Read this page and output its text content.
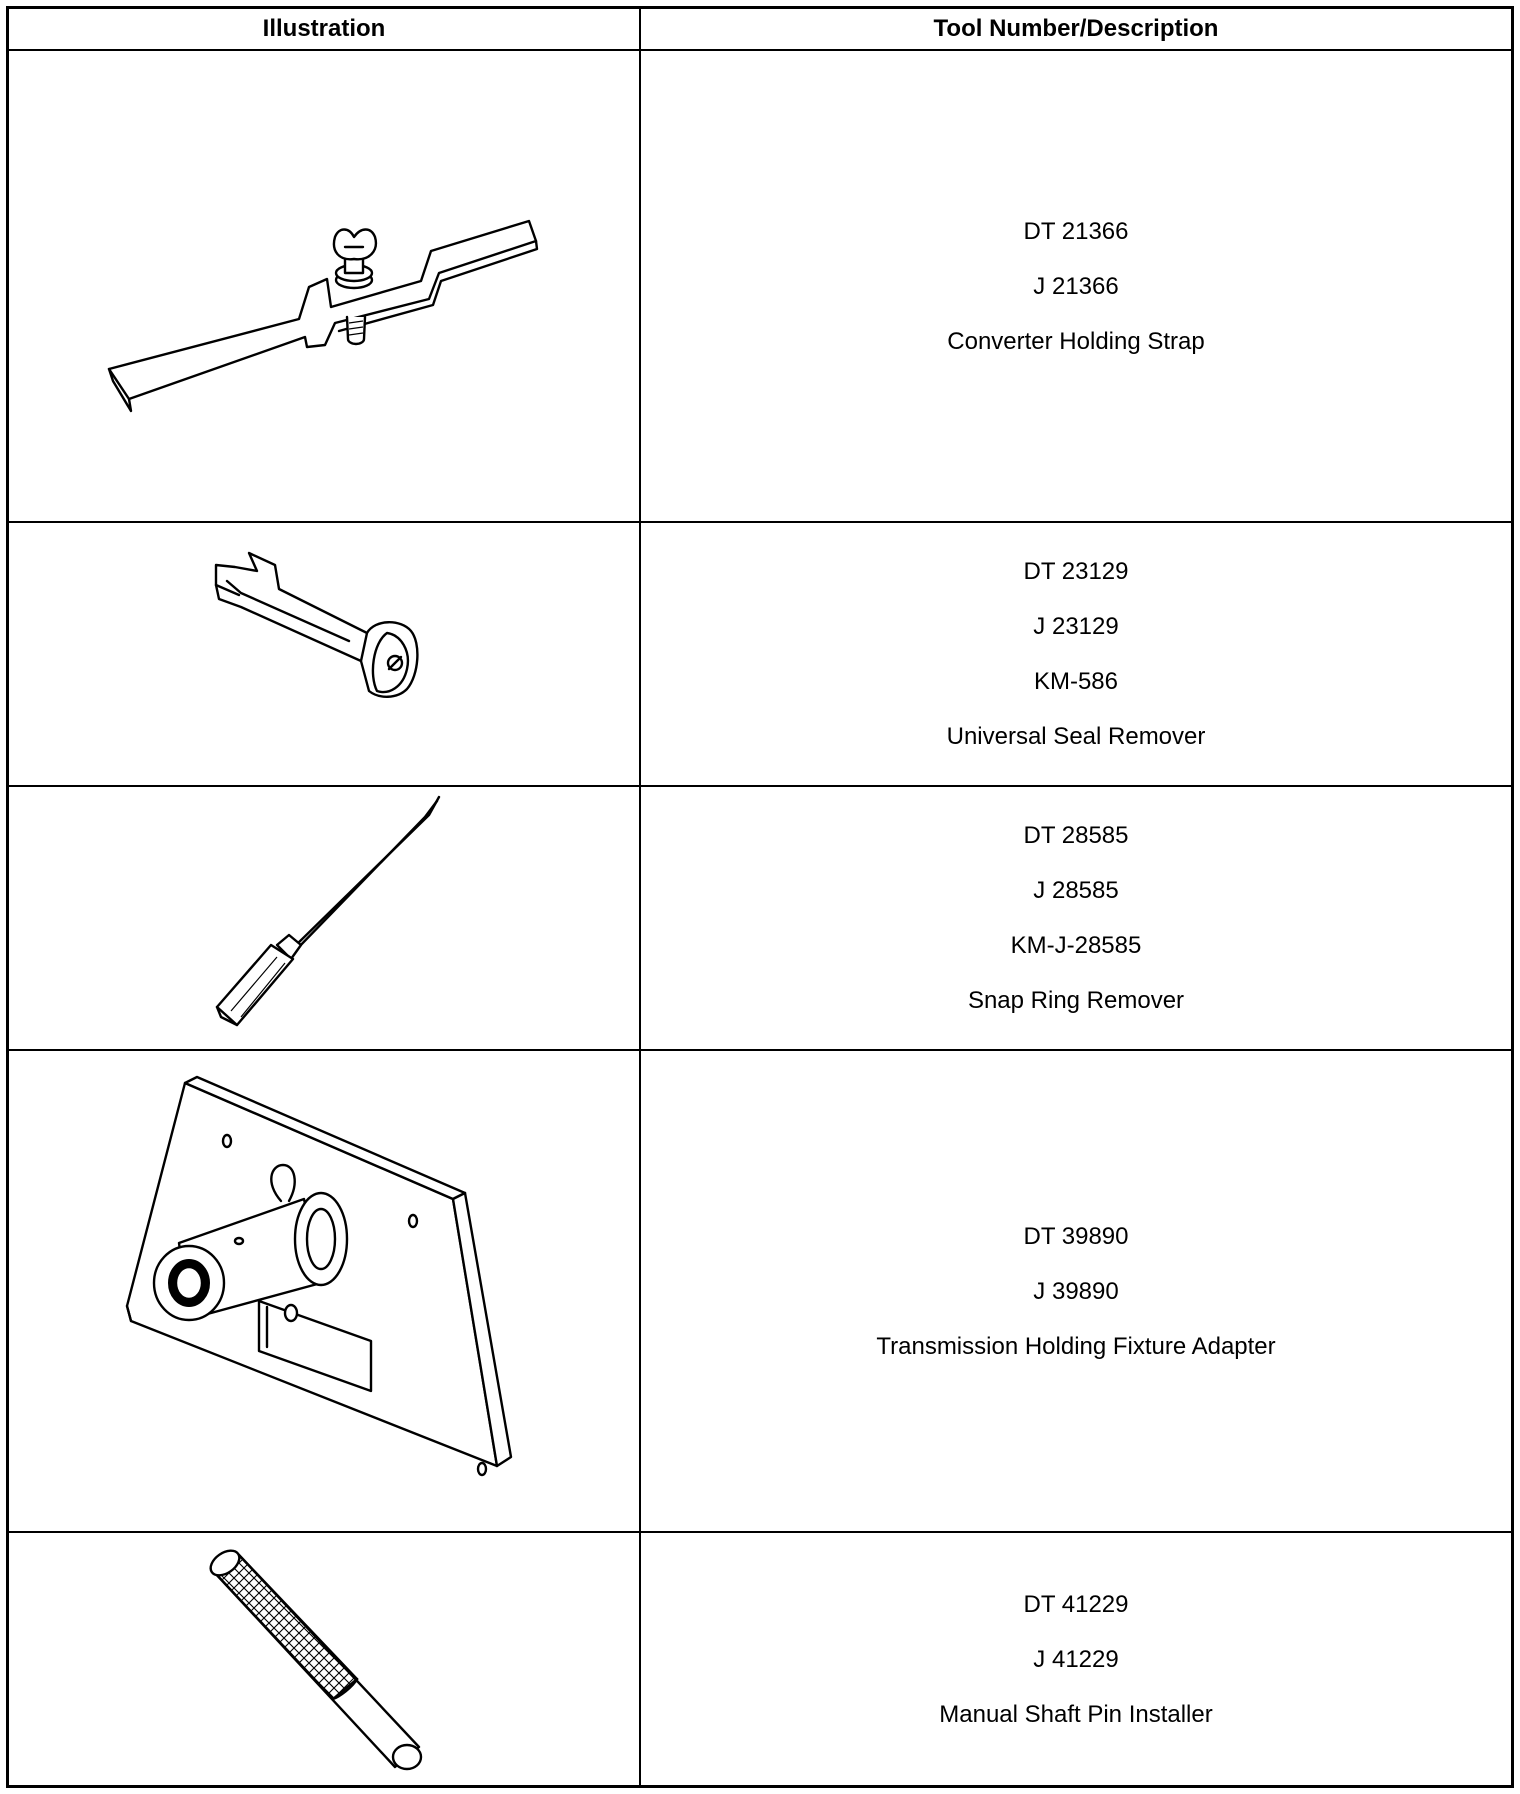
Illustration	Tool Number/Description
DT 21366
J 21366
Converter Holding Strap
DT 23129
J 23129
KM-586
Universal Seal Remover
DT 28585
J 28585
KM-J-28585
Snap Ring Remover
DT 39890
J 39890
Transmission Holding Fixture Adapter
DT 41229
J 41229
Manual Shaft Pin Installer
